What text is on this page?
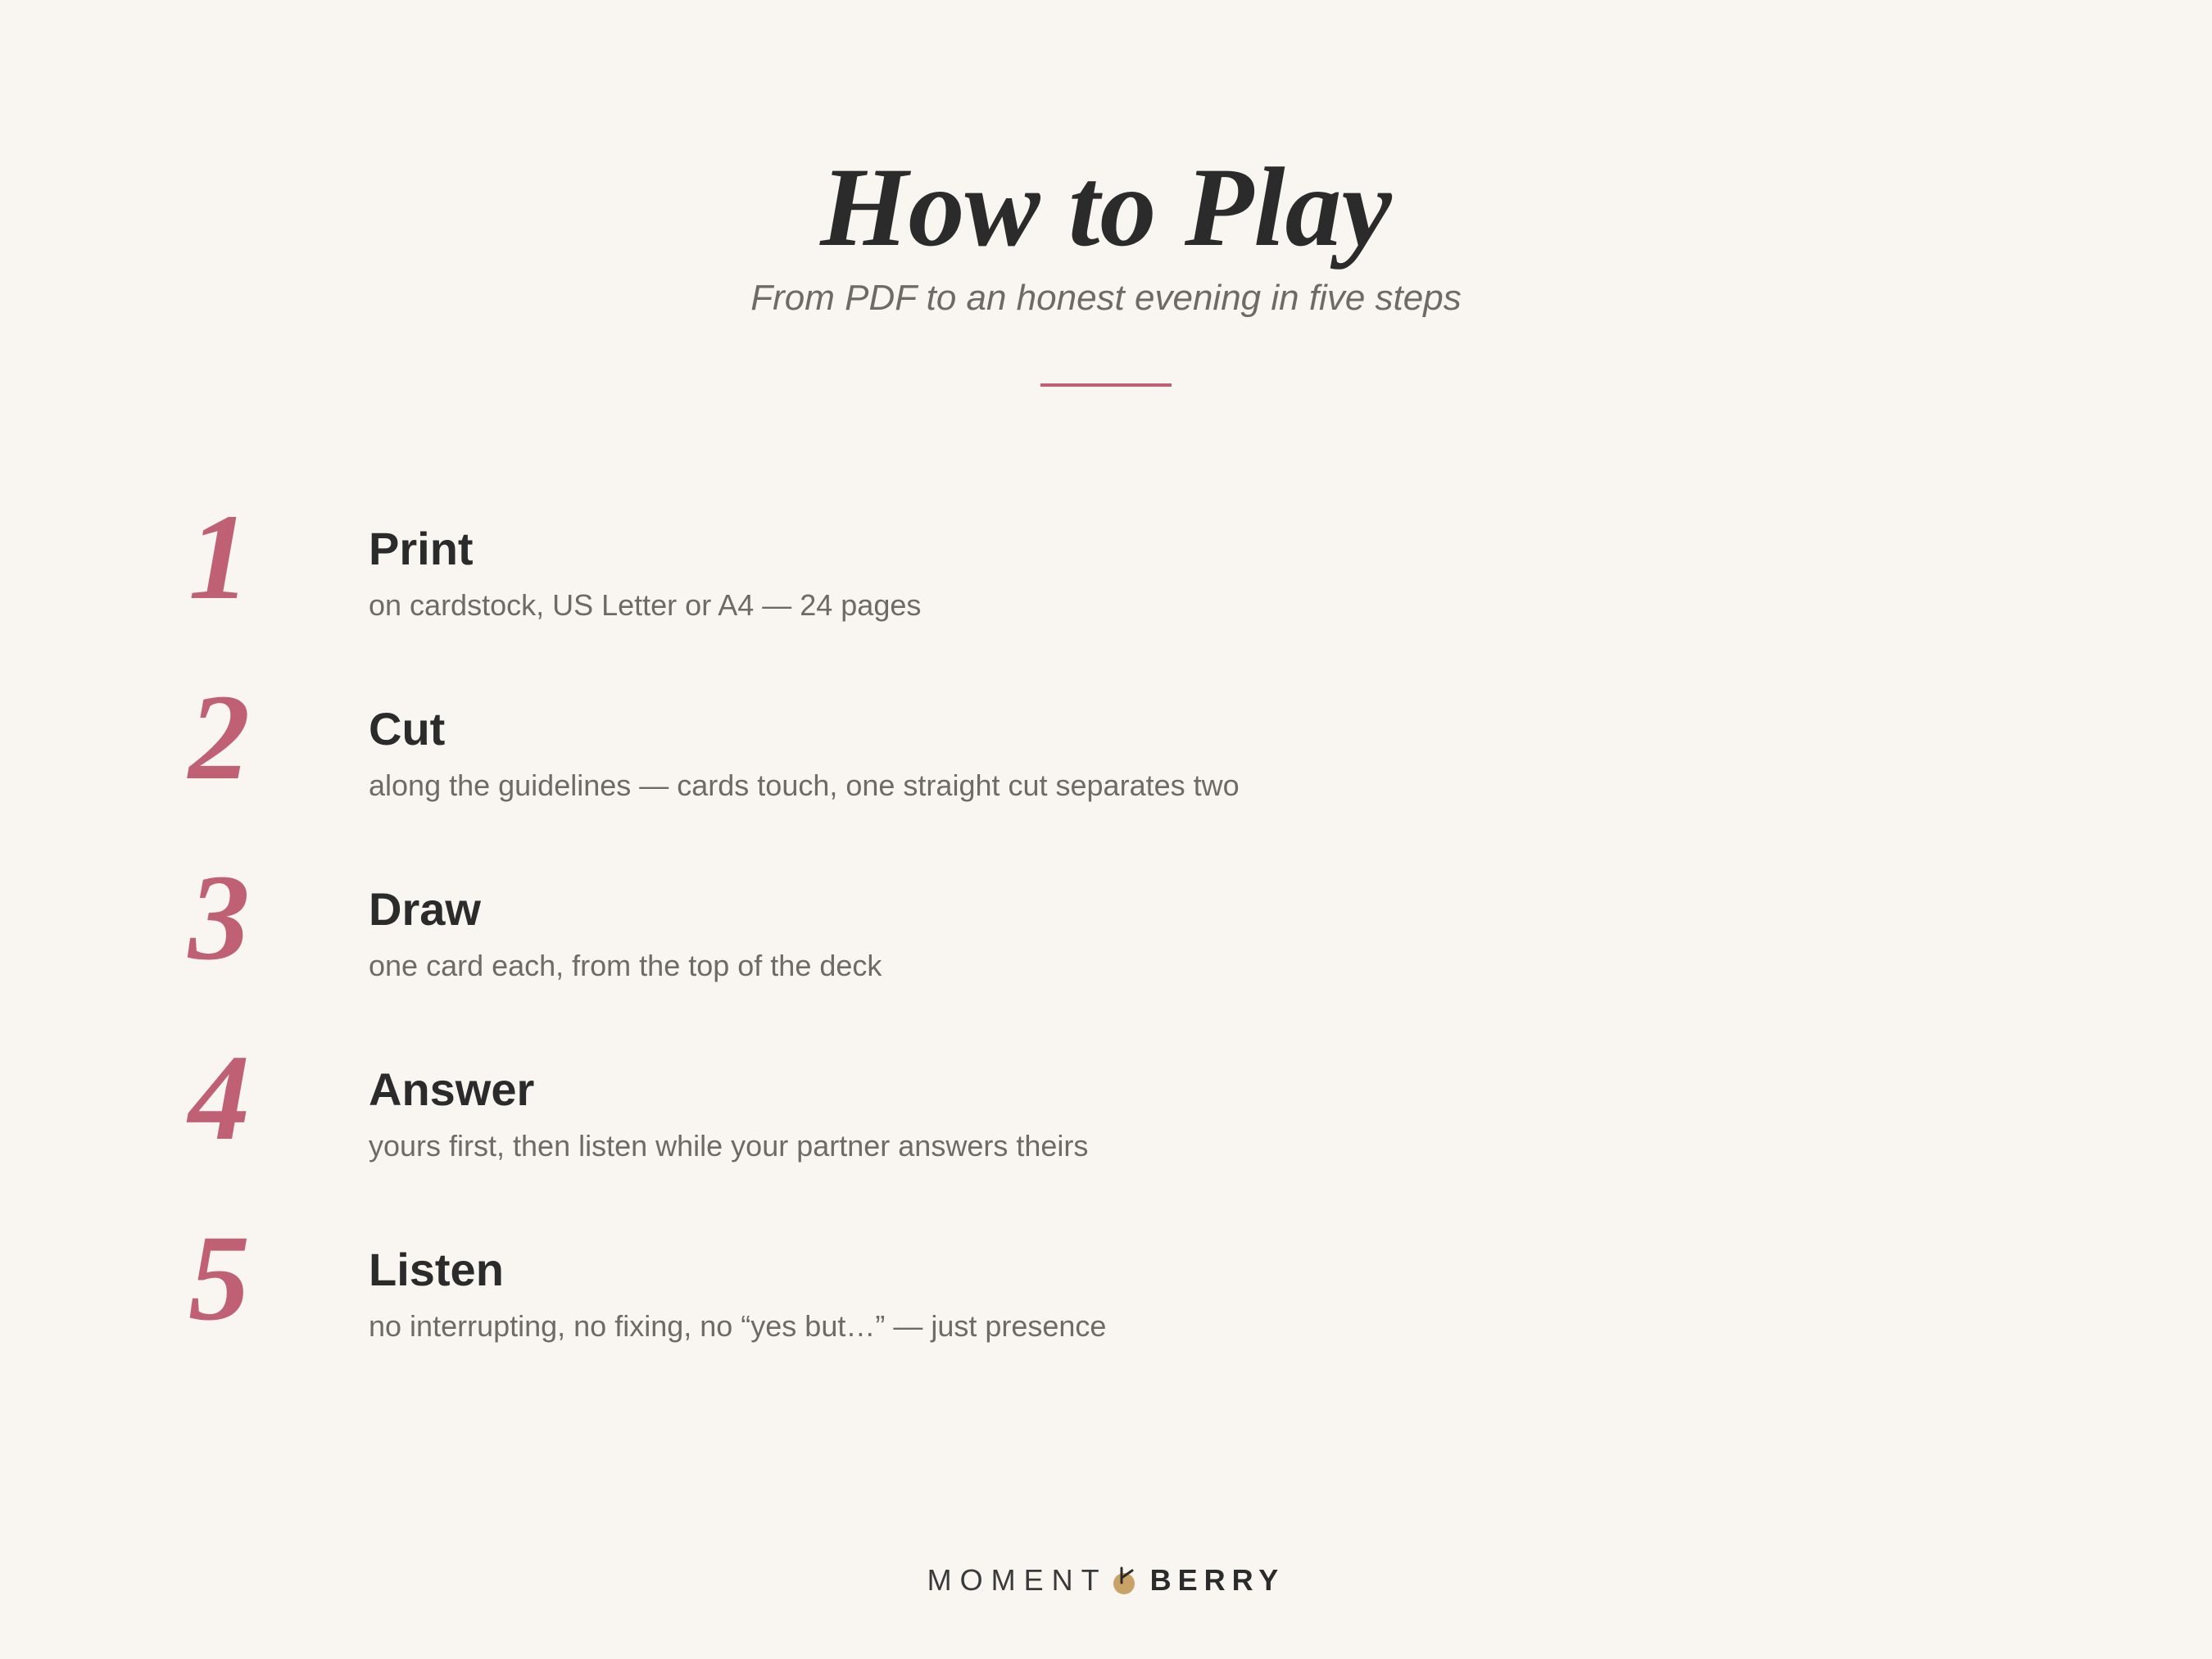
How to Play
From PDF to an honest evening in five steps
1	Print
on cardstock, US Letter or A4 — 24 pages
2	Cut
along the guidelines — cards touch, one straight cut separates two
3	Draw
one card each, from the top of the deck
4	Answer
yours first, then listen while your partner answers theirs
5	Listen
no interrupting, no fixing, no “yes but…” — just presence
MOMENT BERRY
